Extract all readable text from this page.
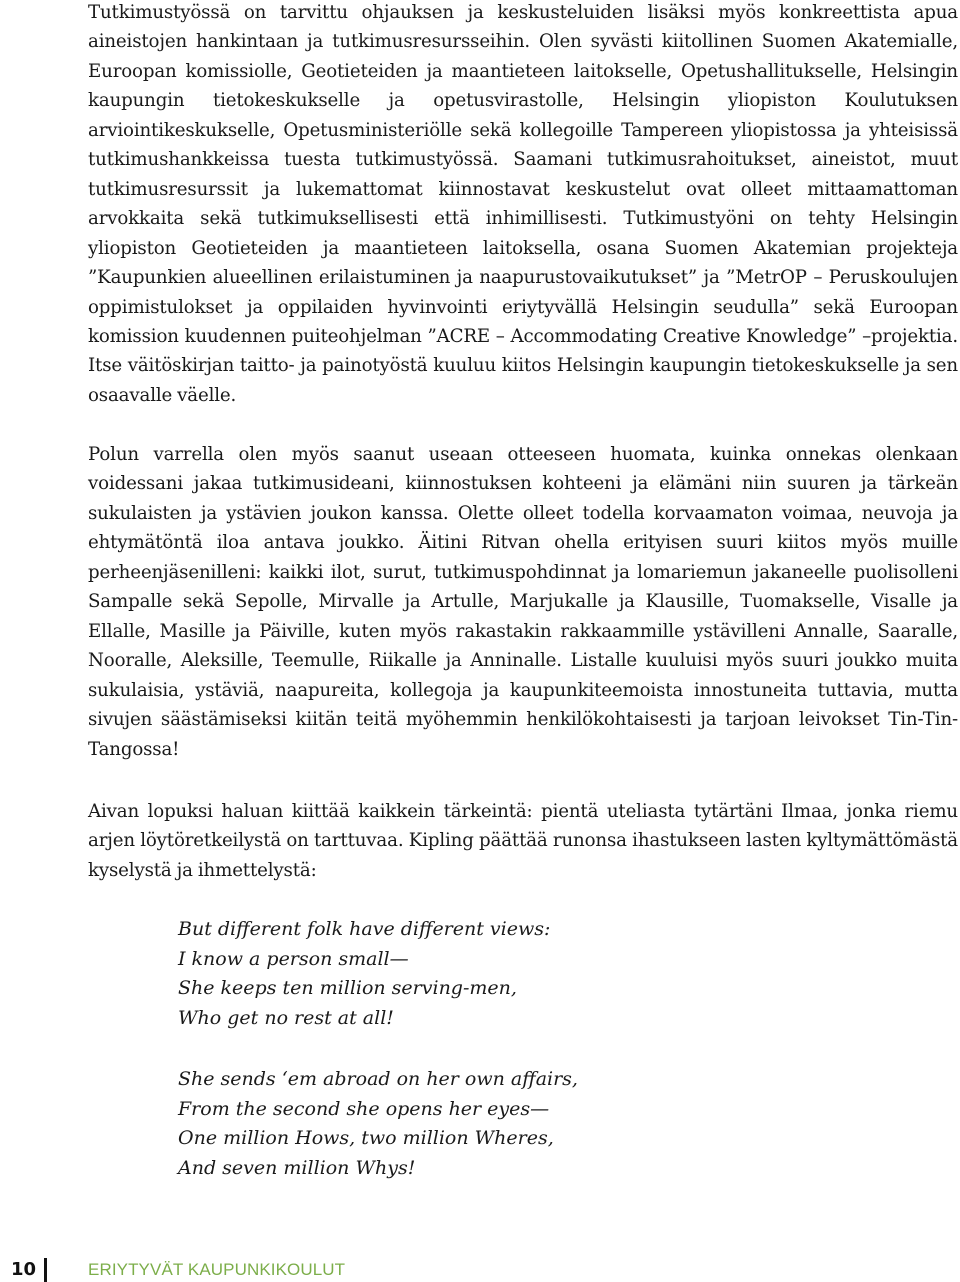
Tutkimustyössä on tarvittu ohjauksen ja keskusteluiden lisäksi myös konkreettista apua aineistojen hankintaan ja tutkimusresursseihin. Olen syvästi kiitollinen Suomen Akatemialle, Euroopan komissiolle, Geotieteiden ja maantieteen laitokselle, Opetushallitukselle, Helsingin kaupungin tietokeskukselle ja opetusvirastolle, Helsingin yliopiston Koulutuksen arviointikeskukselle, Opetusministeriölle sekä kollegoille Tampereen yliopistossa ja yhteisissä tutkimushankkeissa tuesta tutkimustyössä. Saamani tutkimusrahoitukset, aineistot, muut tutkimusresurssit ja lukemattomat kiinnostavat keskustelut ovat olleet mittaamattoman arvokkaita sekä tutkimuksellisesti että inhimillisesti. Tutkimustyöni on tehty Helsingin yliopiston Geotieteiden ja maantieteen laitoksella, osana Suomen Akatemian projekteja ”Kaupunkien alueellinen erilaistuminen ja naapurustovaikutukset” ja ”MetrOP – Peruskoulujen oppimistulokset ja oppilaiden hyvinvointi eriytyvällä Helsingin seudulla” sekä Euroopan komission kuudennen puiteohjelman ”ACRE – Accommodating Creative Knowledge” –projektia. Itse väitöskirjan taitto- ja painotyöstä kuuluu kiitos Helsingin kaupungin tietokeskukselle ja sen osaavalle väelle.

Polun varrella olen myös saanut useaan otteeseen huomata, kuinka onnekas olenkaan voidessani jakaa tutkimusideani, kiinnostuksen kohteeni ja elämäni niin suuren ja tärkeän sukulaisten ja ystävien joukon kanssa. Olette olleet todella korvaamaton voimaa, neuvoja ja ehtymätöntä iloa antava joukko. Äitini Ritvan ohella erityisen suuri kiitos myös muille perheenjäsenilleni: kaikki ilot, surut, tutkimuspohdinnat ja lomariemun jakaneelle puolisolleni Sampalle sekä Sepolle, Mirvalle ja Artulle, Marjukalle ja Klausille, Tuomakselle, Visalle ja Ellalle, Masille ja Päiville, kuten myös rakastakin rakkaammille ystävilleni Annalle, Saaralle, Nooralle, Aleksille, Teemulle, Riikalle ja Anninalle. Listalle kuuluisi myös suuri joukko muita sukulaisia, ystäviä, naapureita, kollegoja ja kaupunkiteemoista innostuneita tuttavia, mutta sivujen säästämiseksi kiitän teitä myöhemmin henkilökohtaisesti ja tarjoan leivokset Tin-Tin-Tangossa!

Aivan lopuksi haluan kiittää kaikkein tärkeintä: pientä uteliasta tytärtäni Ilmaa, jonka riemu arjen löytöretkeilystä on tarttuvaa. Kipling päättää runonsa ihastukseen lasten kyltymättömästä kyselystä ja ihmettelystä:

But different folk have different views:
I know a person small—
She keeps ten million serving-men,
Who get no rest at all!
She sends ‘em abroad on her own affairs,
From the second she opens her eyes—
One million Hows, two million Wheres,
And seven million Whys!
10	ERIYTYVÄT KAUPUNKIKOULUT
